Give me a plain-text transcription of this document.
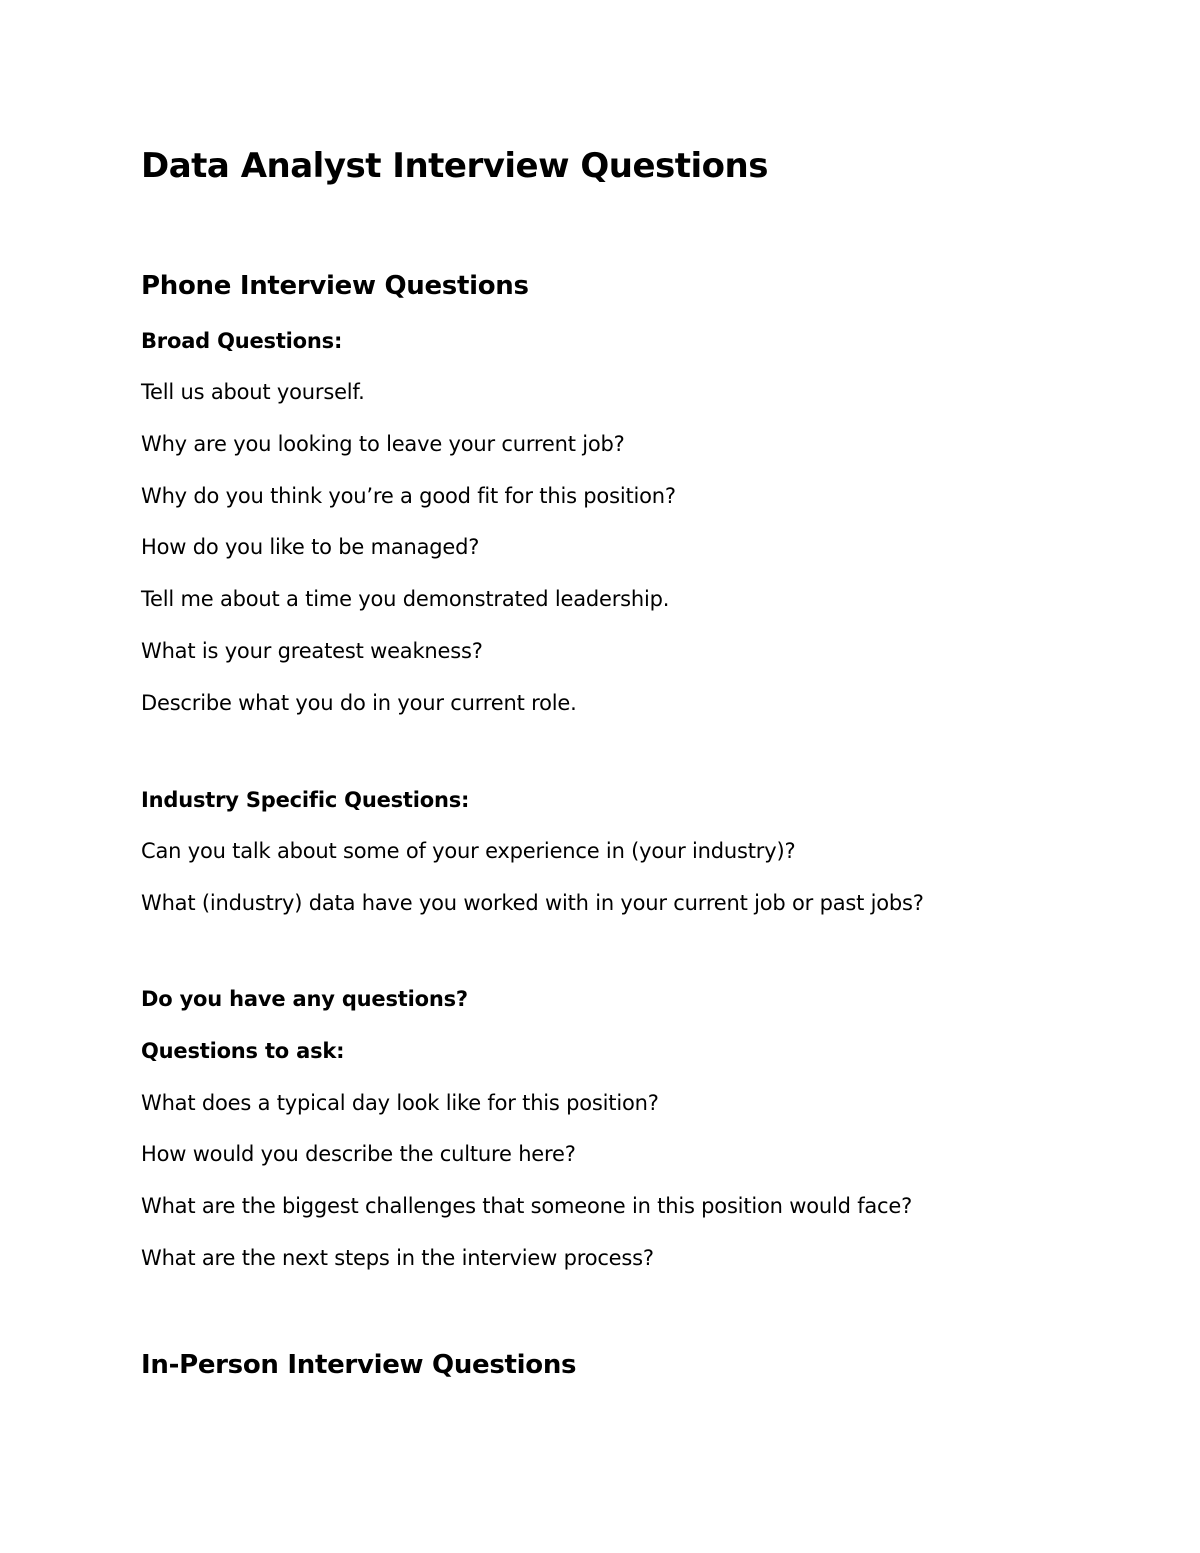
Data Analyst Interview Questions
Phone Interview Questions
Broad Questions:
Tell us about yourself.
Why are you looking to leave your current job?
Why do you think you’re a good fit for this position?
How do you like to be managed?
Tell me about a time you demonstrated leadership.
What is your greatest weakness?
Describe what you do in your current role.
Industry Specific Questions:
Can you talk about some of your experience in (your industry)?
What (industry) data have you worked with in your current job or past jobs?
Do you have any questions?
Questions to ask:
What does a typical day look like for this position?
How would you describe the culture here?
What are the biggest challenges that someone in this position would face?
What are the next steps in the interview process?
In-Person Interview Questions
